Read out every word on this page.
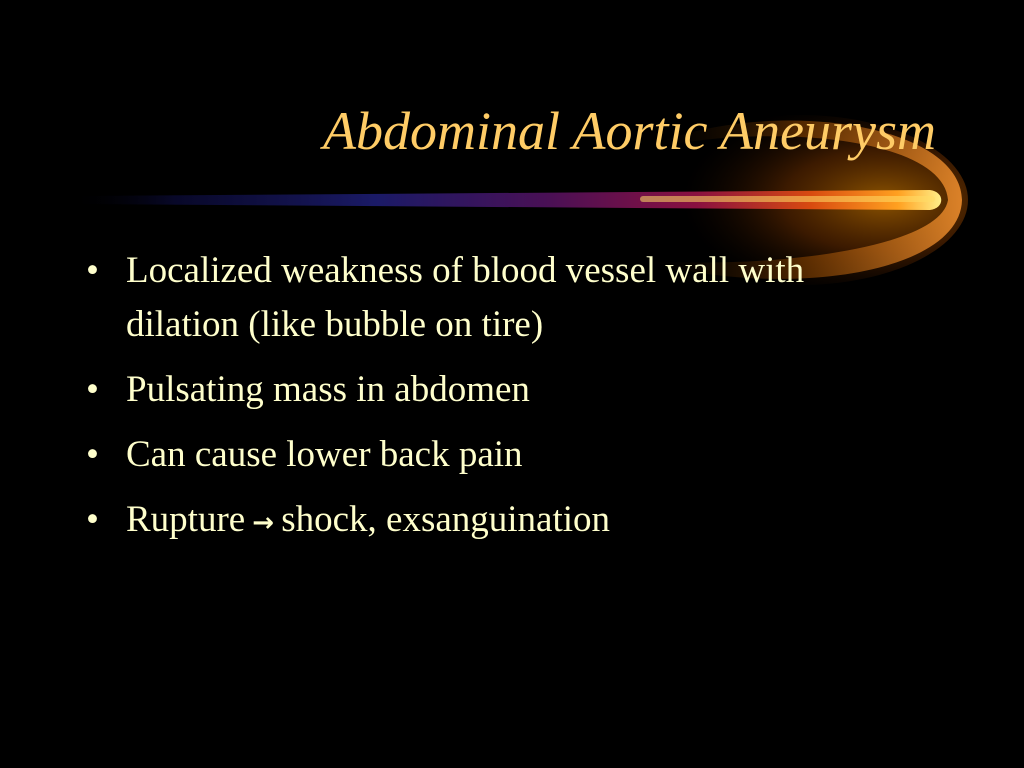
Abdominal Aortic Aneurysm
• Localized weakness of blood vessel wall with dilation (like bubble on tire)
• Pulsating mass in abdomen
• Can cause lower back pain
• Rupture → shock, exsanguination
